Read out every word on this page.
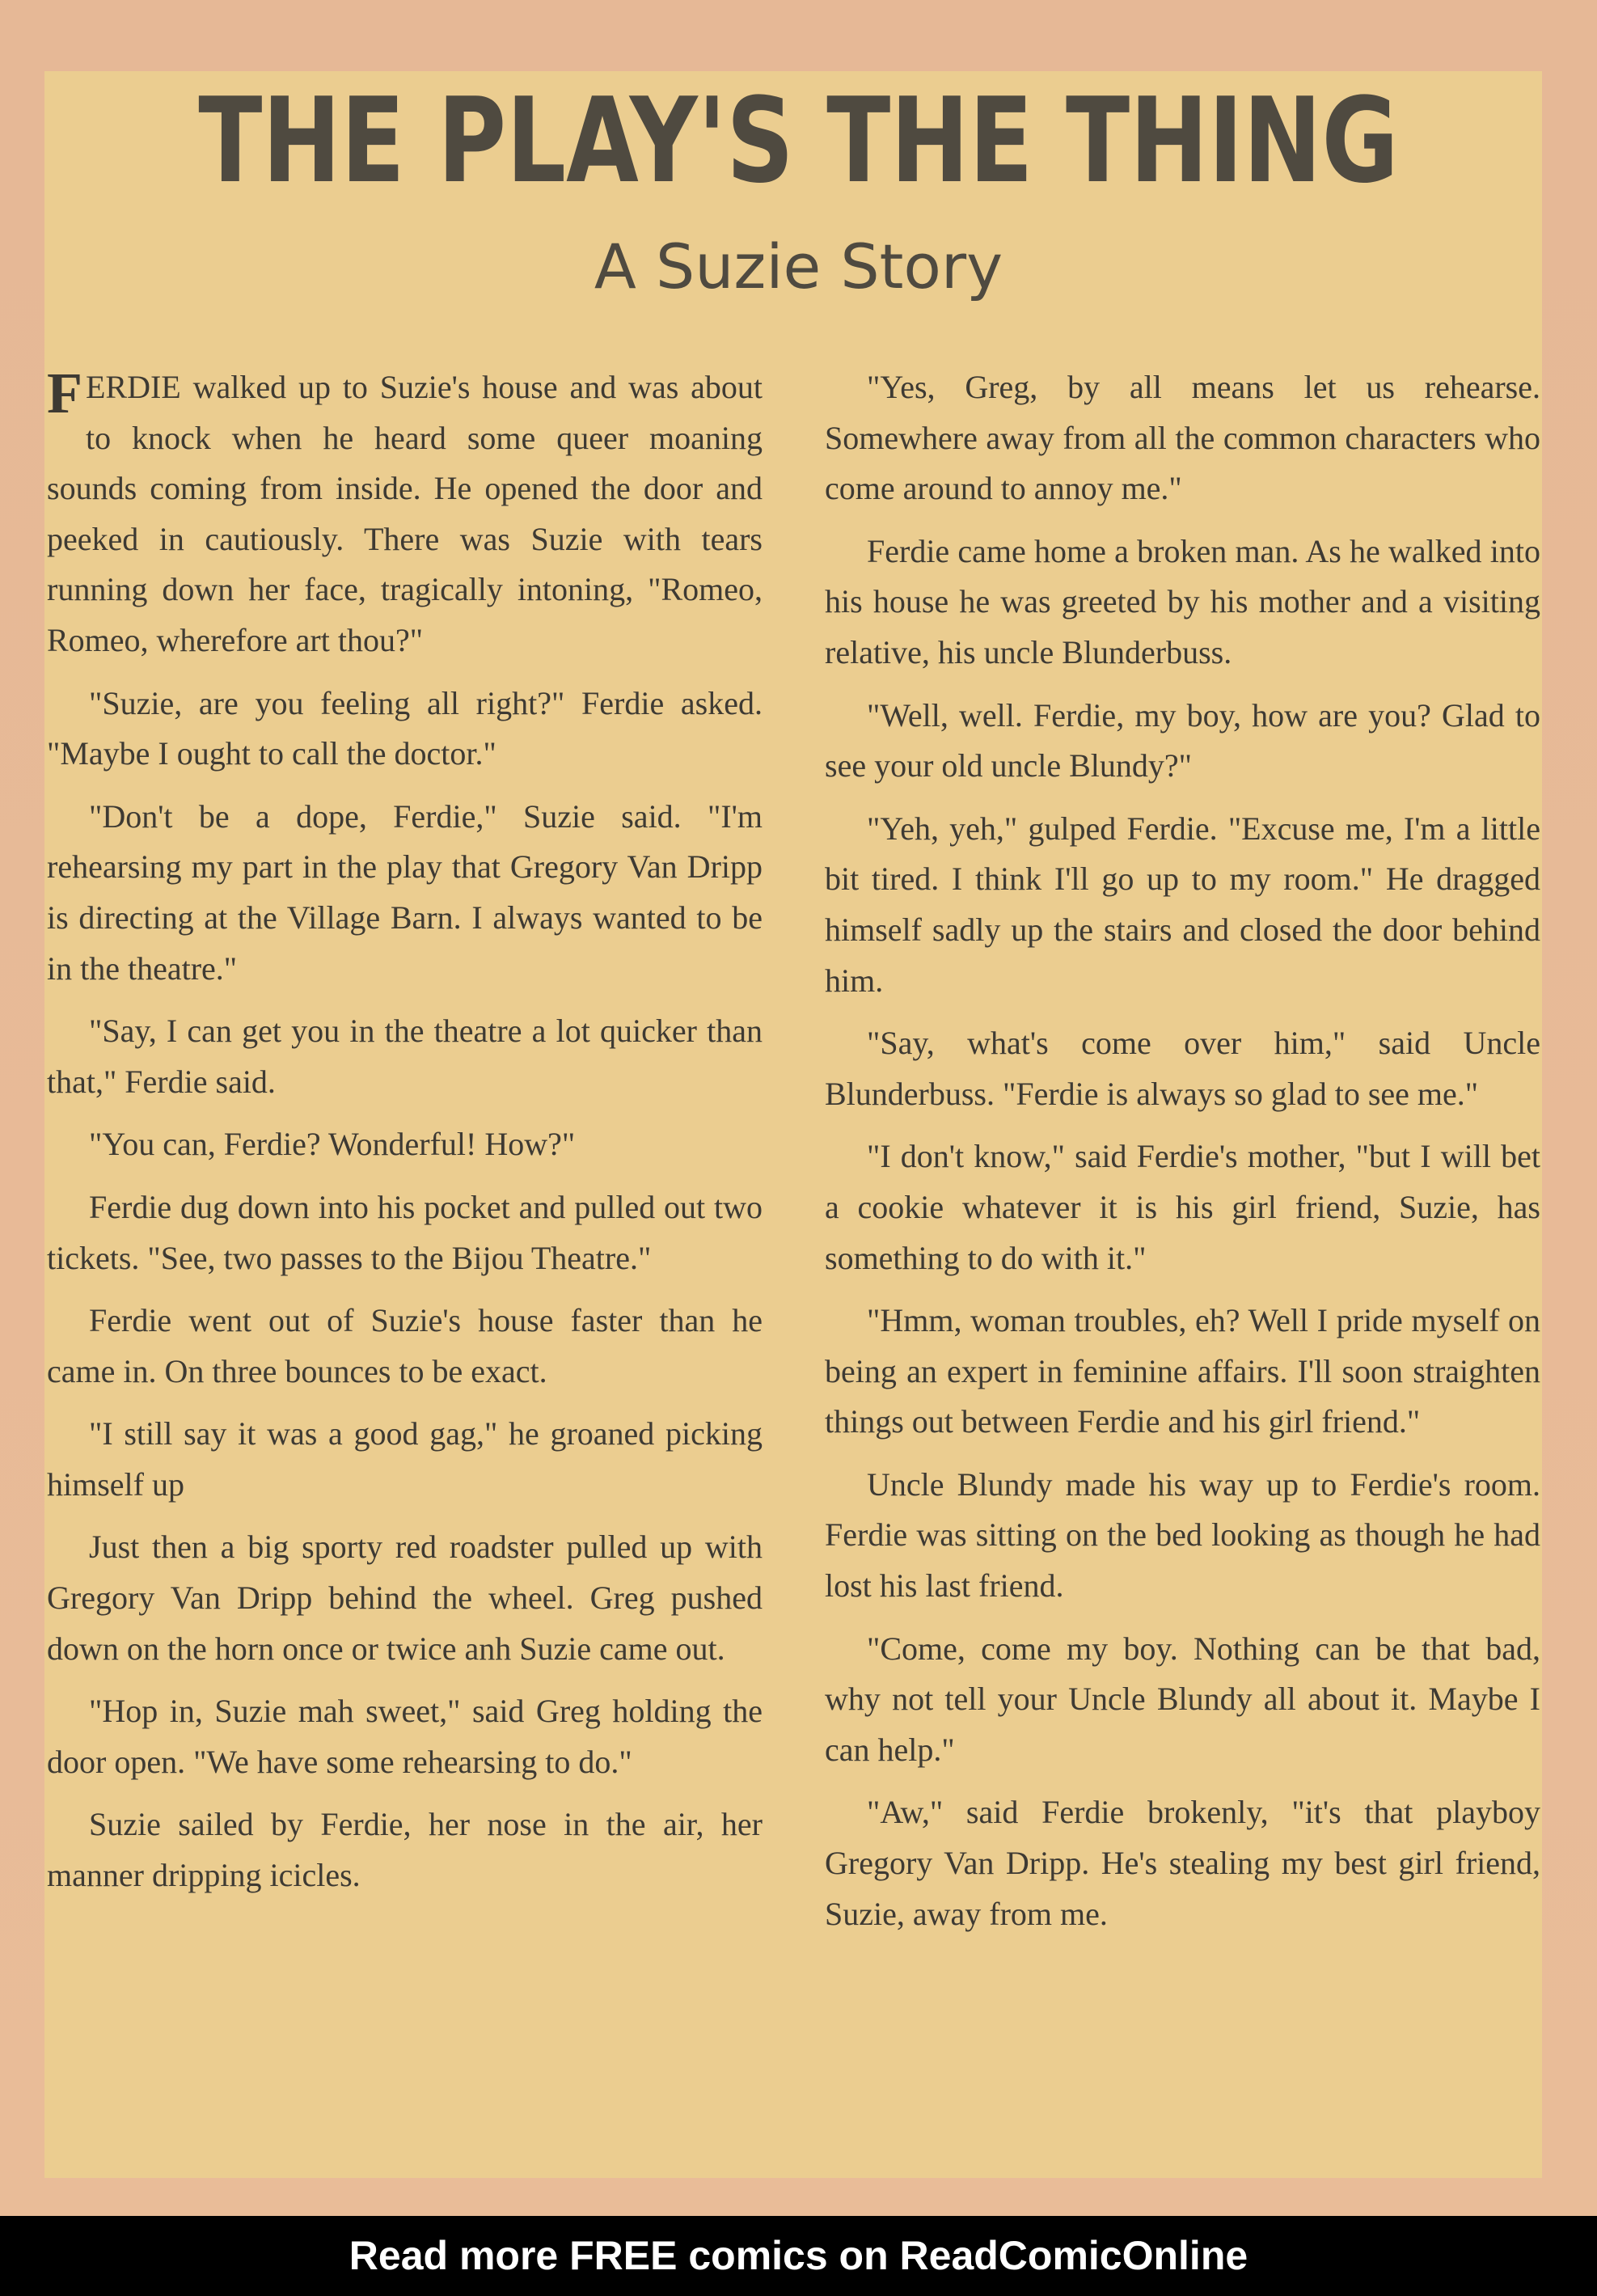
THE PLAY'S THE THING
A Suzie Story

FERDIE walked up to Suzie's house and was about to knock when he heard some queer moaning sounds coming from inside. He opened the door and peeked in cautiously. There was Suzie with tears running down her face, tragically intoning, "Romeo, Romeo, wherefore art thou?"

"Suzie, are you feeling all right?" Ferdie asked. "Maybe I ought to call the doctor."

"Don't be a dope, Ferdie," Suzie said. "I'm rehearsing my part in the play that Gregory Van Dripp is directing at the Village Barn. I always wanted to be in the theatre."

"Say, I can get you in the theatre a lot quicker than that," Ferdie said.

"You can, Ferdie? Wonderful! How?"

Ferdie dug down into his pocket and pulled out two tickets. "See, two passes to the Bijou Theatre."

Ferdie went out of Suzie's house faster than he came in. On three bounces to be exact.

"I still say it was a good gag," he groaned picking himself up

Just then a big sporty red roadster pulled up with Gregory Van Dripp behind the wheel. Greg pushed down on the horn once or twice anh Suzie came out.

"Hop in, Suzie mah sweet," said Greg holding the door open. "We have some rehearsing to do."

Suzie sailed by Ferdie, her nose in the air, her manner dripping icicles.

"Yes, Greg, by all means let us rehearse. Somewhere away from all the common characters who come around to annoy me."

Ferdie came home a broken man. As he walked into his house he was greeted by his mother and a visiting relative, his uncle Blunderbuss.

"Well, well. Ferdie, my boy, how are you? Glad to see your old uncle Blundy?"

"Yeh, yeh," gulped Ferdie. "Excuse me, I'm a little bit tired. I think I'll go up to my room." He dragged himself sadly up the stairs and closed the door behind him.

"Say, what's come over him," said Uncle Blunderbuss. "Ferdie is always so glad to see me."

"I don't know," said Ferdie's mother, "but I will bet a cookie whatever it is his girl friend, Suzie, has something to do with it."

"Hmm, woman troubles, eh? Well I pride myself on being an expert in feminine affairs. I'll soon straighten things out between Ferdie and his girl friend."

Uncle Blundy made his way up to Ferdie's room. Ferdie was sitting on the bed looking as though he had lost his last friend.

"Come, come my boy. Nothing can be that bad, why not tell your Uncle Blundy all about it. Maybe I can help."

"Aw," said Ferdie brokenly, "it's that playboy Gregory Van Dripp. He's stealing my best girl friend, Suzie, away from me.

Read more FREE comics on ReadComicOnline
